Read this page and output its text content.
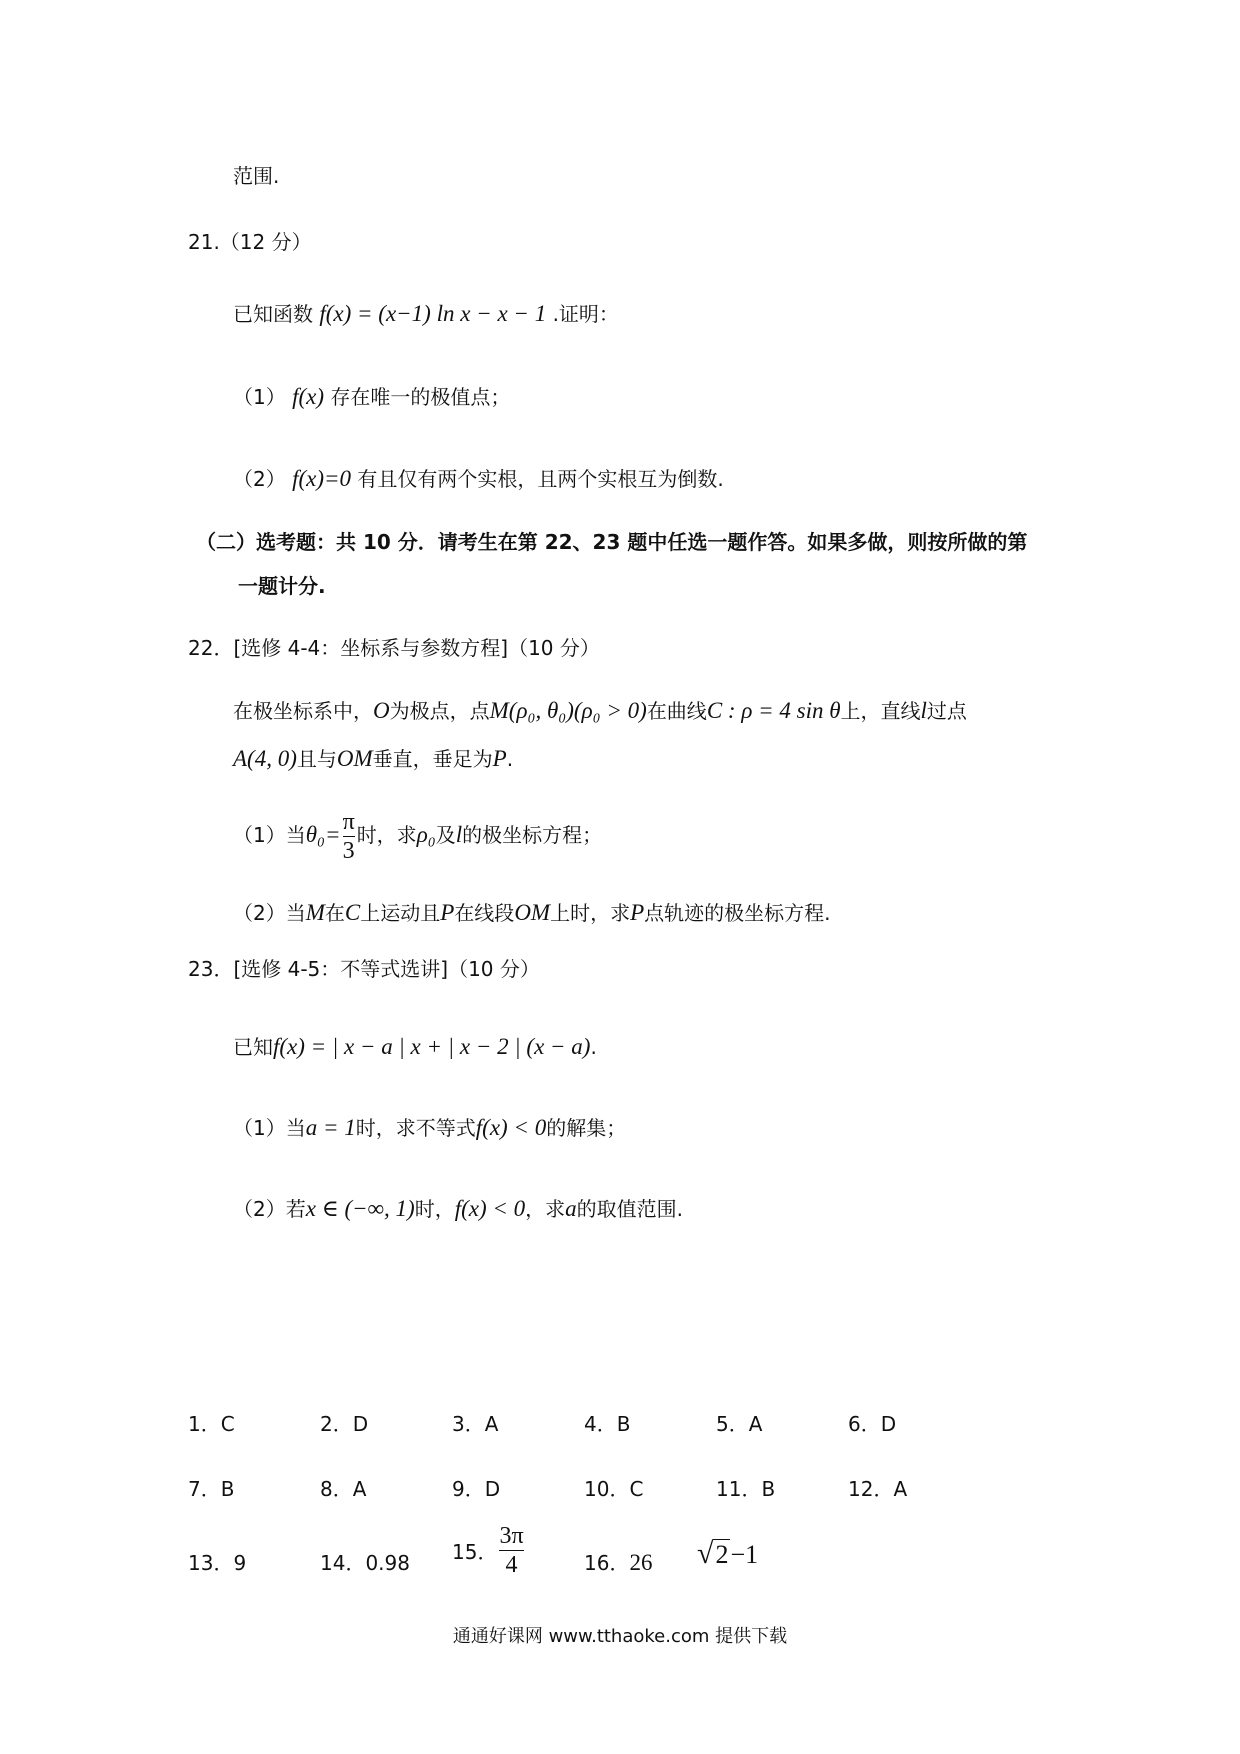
范围.
21.（12 分）
已知函数 f(x) = (x−1) ln x − x − 1 .证明：
（1） f(x) 存在唯一的极值点；
（2） f(x)=0 有且仅有两个实根，且两个实根互为倒数.
（二）选考题：共 10 分．请考生在第 22、23 题中任选一题作答。如果多做，则按所做的第
一题计分.
22．[选修 4-4：坐标系与参数方程]（10 分）
在极坐标系中，O为极点，点M(ρ₀, θ₀)(ρ₀ > 0)在曲线C : ρ = 4 sin θ上，直线l过点
A(4, 0)且与OM垂直，垂足为P.
（1）当$\theta_0= \frac{\pi}{3}$ 时，求ρ₀及l的极坐标方程；
（2）当M在C上运动且P在线段OM上时，求P点轨迹的极坐标方程.
23．[选修 4-5：不等式选讲]（10 分）
已知f(x) = | x − a | x + | x − 2 | (x − a).
（1）当a = 1时，求不等式f(x) < 0的解集；
（2）若x ∈ (−∞, 1)时，f(x) < 0，求a的取值范围.
1．C	2．D	3．A	4．B	5．A	6．D
7．B	8．A	9．D	10．C	11．B	12．A
13．9	14．0.98 15． $\frac{3\pi}{4}$	16．26 √2−1
通通好课网 www.tthaoke.com 提供下载
